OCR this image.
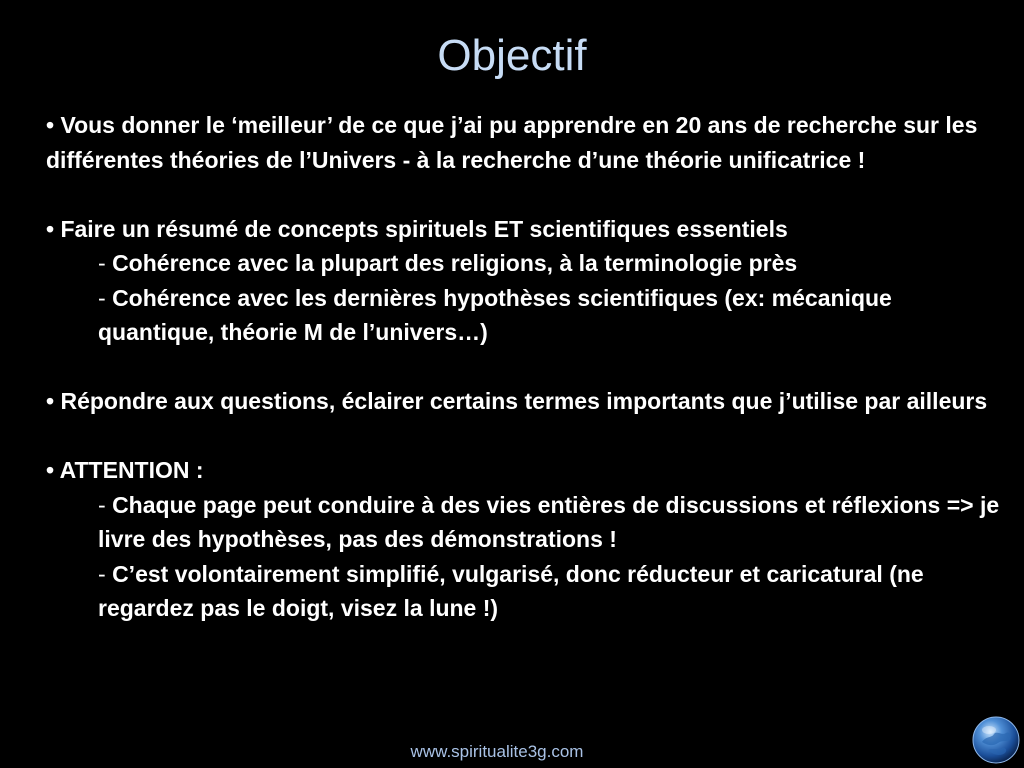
Objectif

• Vous donner le ‘meilleur’ de ce que j’ai pu apprendre en 20 ans de recherche sur les différentes théories de l’Univers - à la recherche d’une théorie unificatrice !

• Faire un résumé de concepts spirituels ET scientifiques essentiels

- Cohérence avec la plupart des religions, à la terminologie près

- Cohérence avec les dernières hypothèses scientifiques (ex: mécanique quantique, théorie M de l’univers…)

• Répondre aux questions, éclairer certains termes importants que j’utilise par ailleurs

• ATTENTION :

- Chaque page peut conduire à des vies entières de discussions et réflexions => je livre des hypothèses, pas des démonstrations !

- C’est volontairement simplifié, vulgarisé, donc réducteur et caricatural (ne regardez pas le doigt, visez la lune !)

www.spiritualite3g.com
